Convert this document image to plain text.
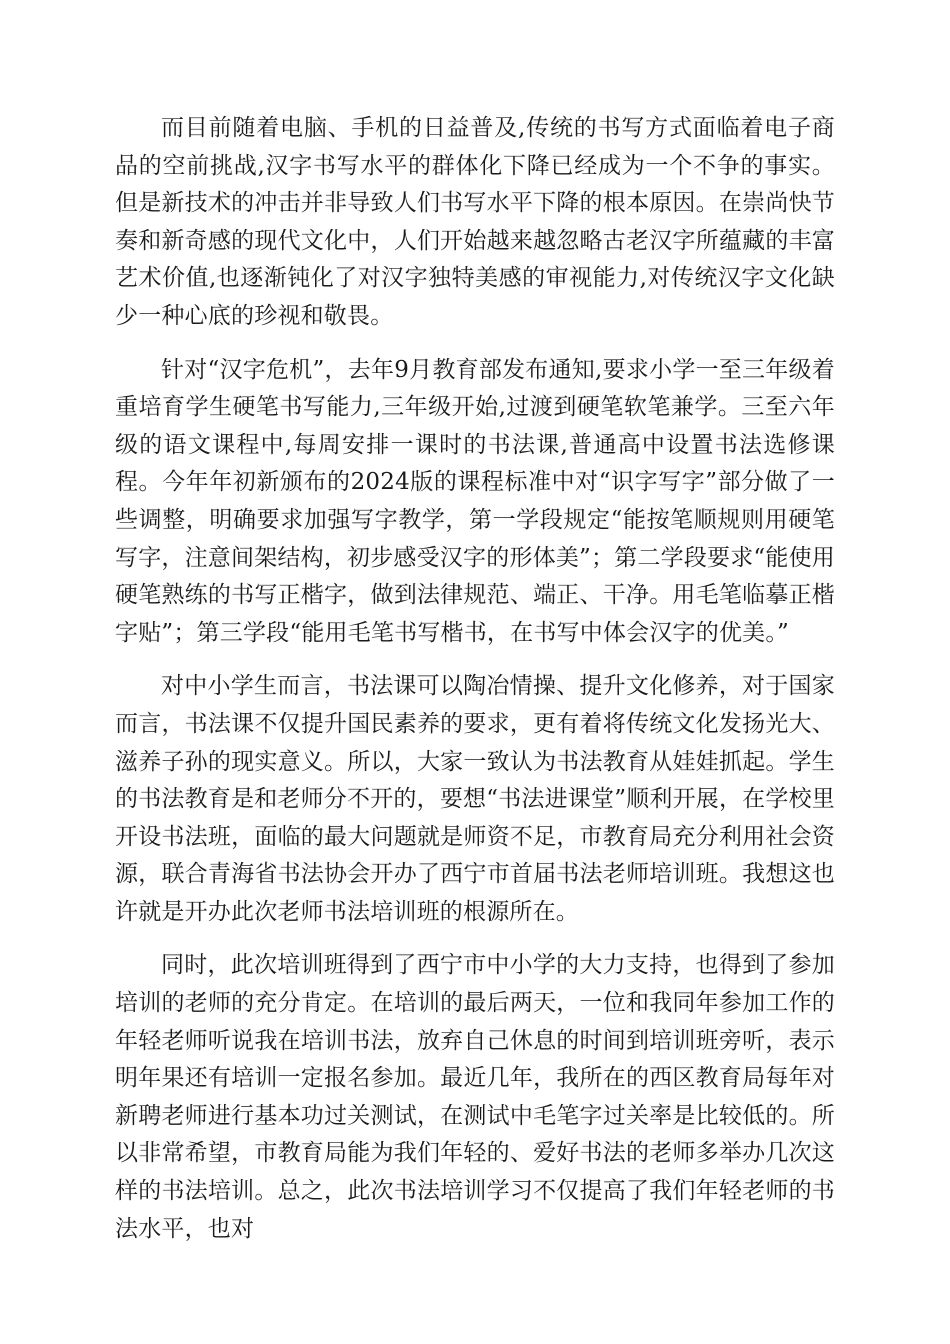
而目前随着电脑、手机的日益普及,传统的书写方式面临着电子商品的空前挑战,汉字书写水平的群体化下降已经成为一个不争的事实。但是新技术的冲击并非导致人们书写水平下降的根本原因。在崇尚快节奏和新奇感的现代文化中，人们开始越来越忽略古老汉字所蕴藏的丰富艺术价值,也逐渐钝化了对汉字独特美感的审视能力,对传统汉字文化缺少一种心底的珍视和敬畏。

针对“汉字危机”，去年9月教育部发布通知,要求小学一至三年级着重培育学生硬笔书写能力,三年级开始,过渡到硬笔软笔兼学。三至六年级的语文课程中,每周安排一课时的书法课,普通高中设置书法选修课程。今年年初新颁布的2024版的课程标准中对“识字写字”部分做了一些调整，明确要求加强写字教学，第一学段规定“能按笔顺规则用硬笔写字，注意间架结构，初步感受汉字的形体美”；第二学段要求“能使用硬笔熟练的书写正楷字，做到法律规范、端正、干净。用毛笔临摹正楷字贴”；第三学段“能用毛笔书写楷书，在书写中体会汉字的优美。”

对中小学生而言，书法课可以陶冶情操、提升文化修养，对于国家而言，书法课不仅提升国民素养的要求，更有着将传统文化发扬光大、滋养子孙的现实意义。所以，大家一致认为书法教育从娃娃抓起。学生的书法教育是和老师分不开的，要想“书法进课堂”顺利开展，在学校里开设书法班，面临的最大问题就是师资不足，市教育局充分利用社会资源，联合青海省书法协会开办了西宁市首届书法老师培训班。我想这也许就是开办此次老师书法培训班的根源所在。

同时，此次培训班得到了西宁市中小学的大力支持，也得到了参加培训的老师的充分肯定。在培训的最后两天，一位和我同年参加工作的年轻老师听说我在培训书法，放弃自己休息的时间到培训班旁听，表示明年果还有培训一定报名参加。最近几年，我所在的西区教育局每年对新聘老师进行基本功过关测试，在测试中毛笔字过关率是比较低的。所以非常希望，市教育局能为我们年轻的、爱好书法的老师多举办几次这样的书法培训。总之，此次书法培训学习不仅提高了我们年轻老师的书法水平，也对
